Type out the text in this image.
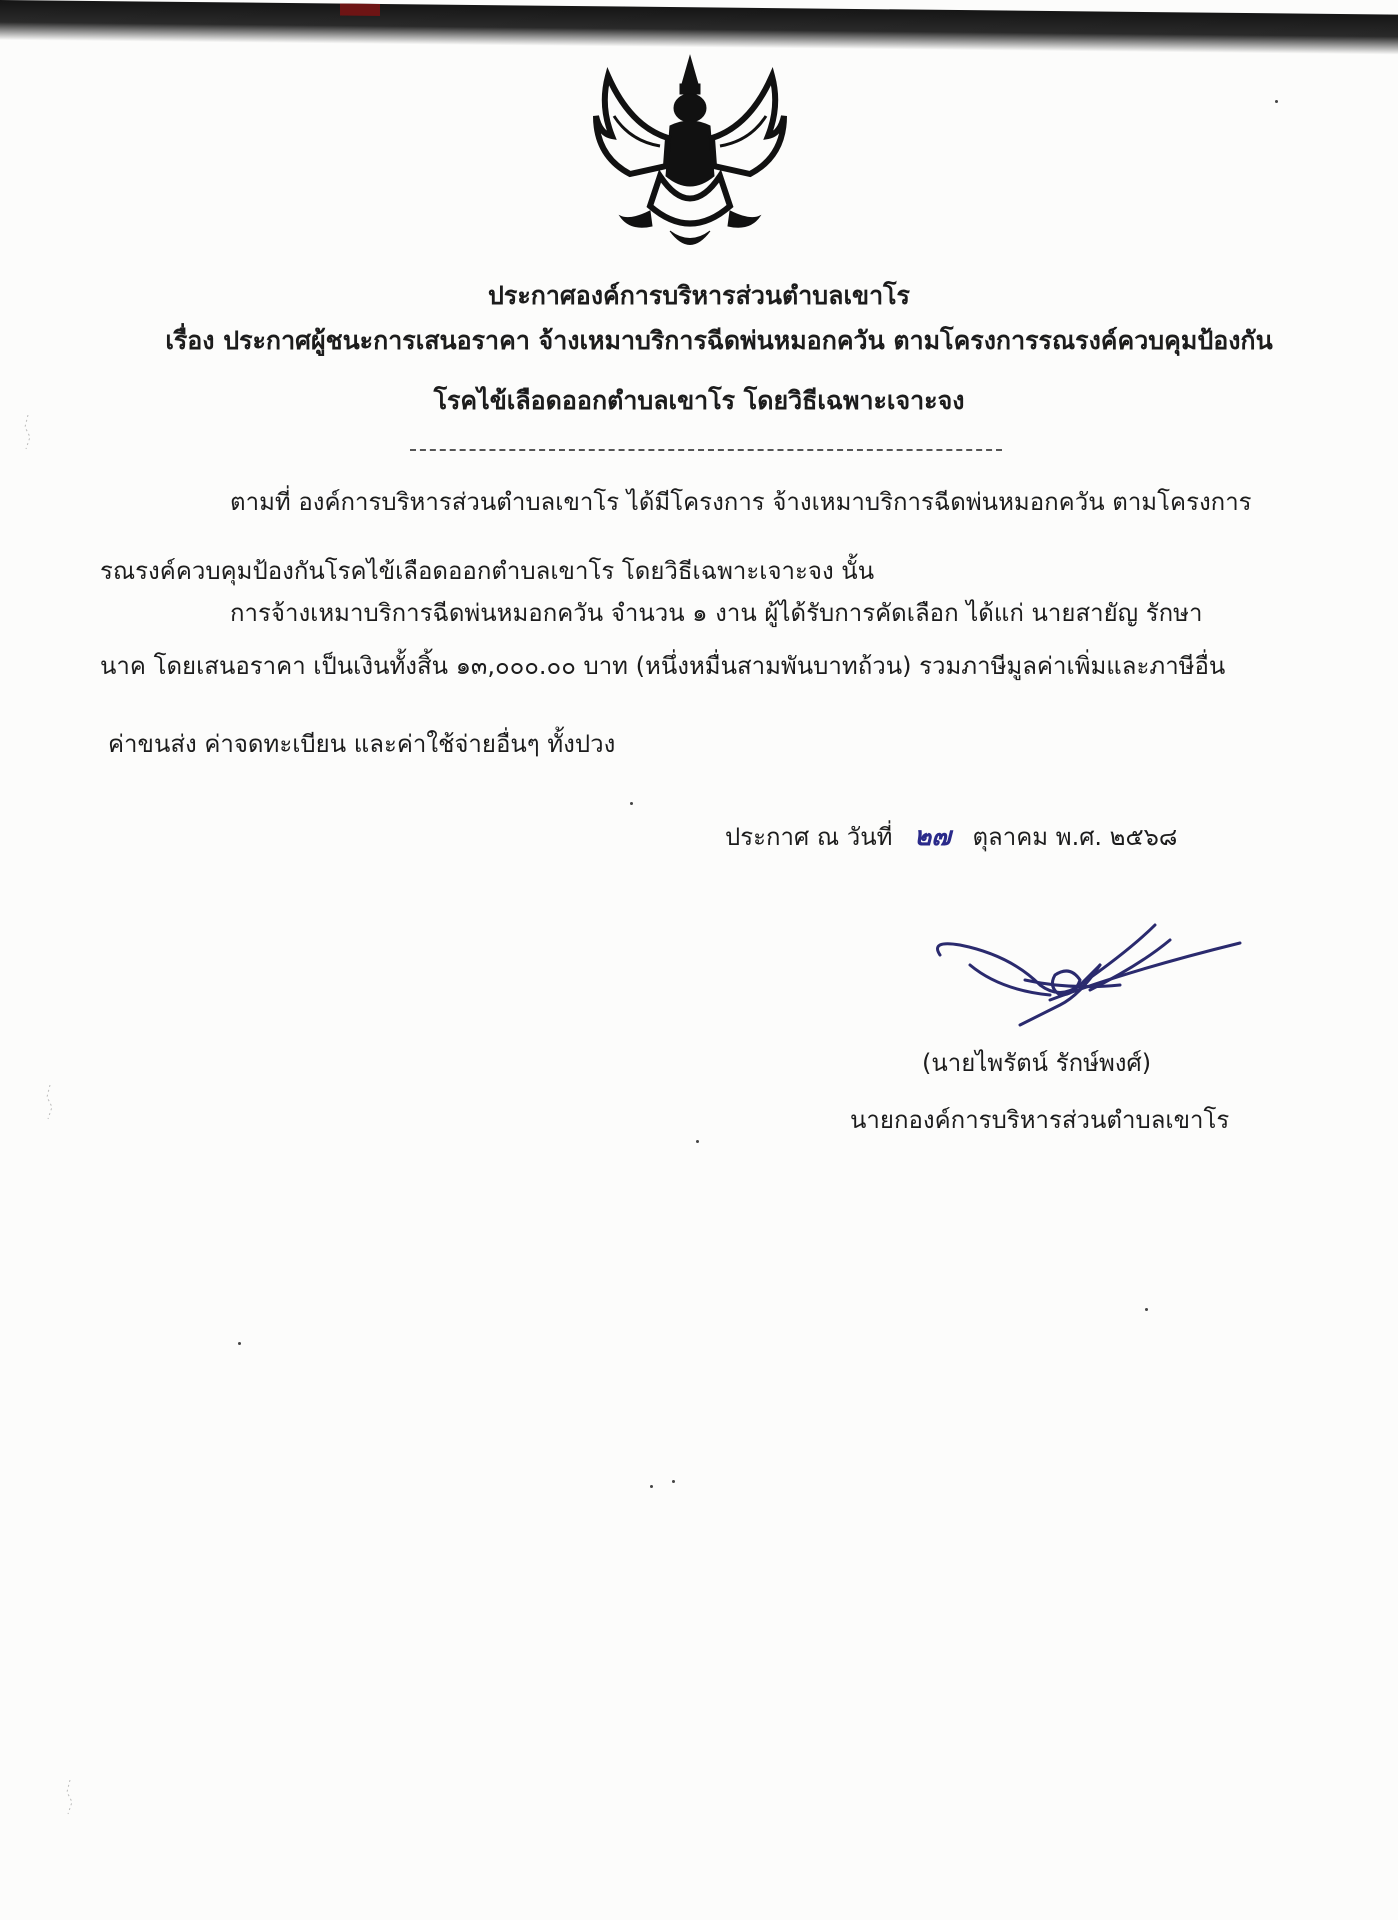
ประกาศองค์การบริหารส่วนตำบลเขาโร
เรื่อง ประกาศผู้ชนะการเสนอราคา จ้างเหมาบริการฉีดพ่นหมอกควัน ตามโครงการรณรงค์ควบคุมป้องกัน
โรคไข้เลือดออกตำบลเขาโร โดยวิธีเฉพาะเจาะจง
ตามที่ องค์การบริหารส่วนตำบลเขาโร ได้มีโครงการ จ้างเหมาบริการฉีดพ่นหมอกควัน ตามโครงการ
รณรงค์ควบคุมป้องกันโรคไข้เลือดออกตำบลเขาโร โดยวิธีเฉพาะเจาะจง นั้น
การจ้างเหมาบริการฉีดพ่นหมอกควัน จำนวน ๑ งาน ผู้ได้รับการคัดเลือก ได้แก่ นายสายัญ รักษา
นาค โดยเสนอราคา เป็นเงินทั้งสิ้น ๑๓,๐๐๐.๐๐ บาท (หนึ่งหมื่นสามพันบาทถ้วน) รวมภาษีมูลค่าเพิ่มและภาษีอื่น
ค่าขนส่ง ค่าจดทะเบียน และค่าใช้จ่ายอื่นๆ ทั้งปวง
ประกาศ ณ วันที่ ๒๗ ตุลาคม พ.ศ. ๒๕๖๘
(นายไพรัตน์ รักษ์พงศ์)
นายกองค์การบริหารส่วนตำบลเขาโร
